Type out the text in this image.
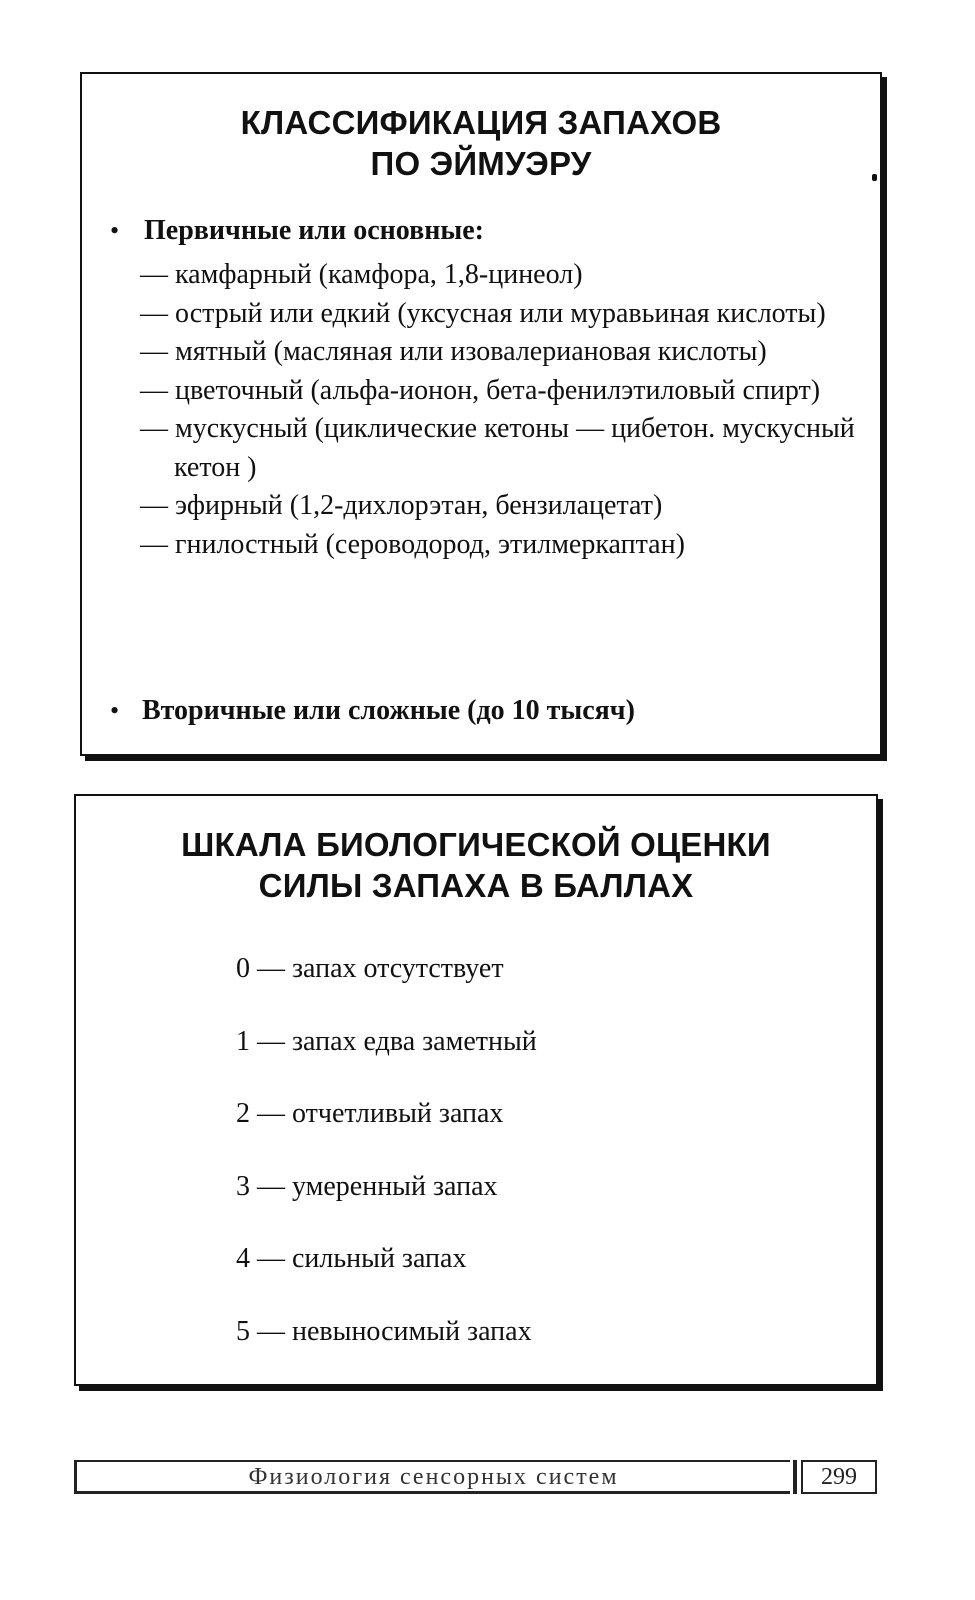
КЛАССИФИКАЦИЯ ЗАПАХОВ
ПО ЭЙМУЭРУ
• Первичные или основные:
— камфарный (камфора, 1,8-цинеол)
— острый или едкий (уксусная или муравьиная кислоты)
— мятный (масляная или изовалериановая кислоты)
— цветочный (альфа-ионон, бета-фенилэтиловый спирт)
— мускусный (циклические кетоны — цибетон. мускусный кетон )
— эфирный (1,2-дихлорэтан, бензилацетат)
— гнилостный (сероводород, этилмеркаптан)
• Вторичные или сложные (до 10 тысяч)
ШКАЛА БИОЛОГИЧЕСКОЙ ОЦЕНКИ
СИЛЫ ЗАПАХА В БАЛЛАХ
0 — запах отсутствует
1 — запах едва заметный
2 — отчетливый запах
3 — умеренный запах
4 — сильный запах
5 — невыносимый запах
Физиология сенсорных систем	299
